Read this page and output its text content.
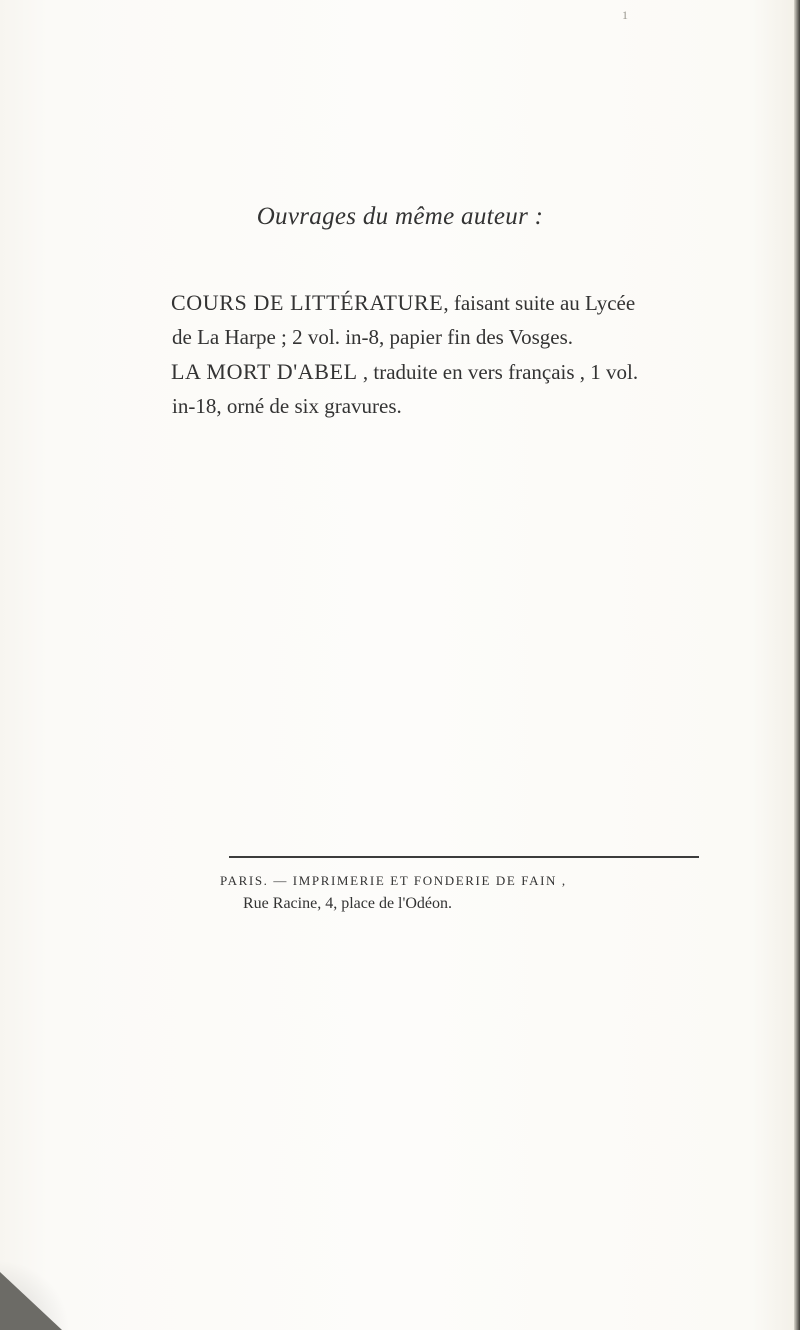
1
Ouvrages du même auteur :
COURS DE LITTÉRATURE, faisant suite au Lycée
de La Harpe ; 2 vol. in-8, papier fin des Vosges.
LA MORT D'ABEL , traduite en vers français , 1 vol.
in-18, orné de six gravures.
PARIS. — IMPRIMERIE ET FONDERIE DE FAIN ,
Rue Racine, 4, place de l'Odéon.
